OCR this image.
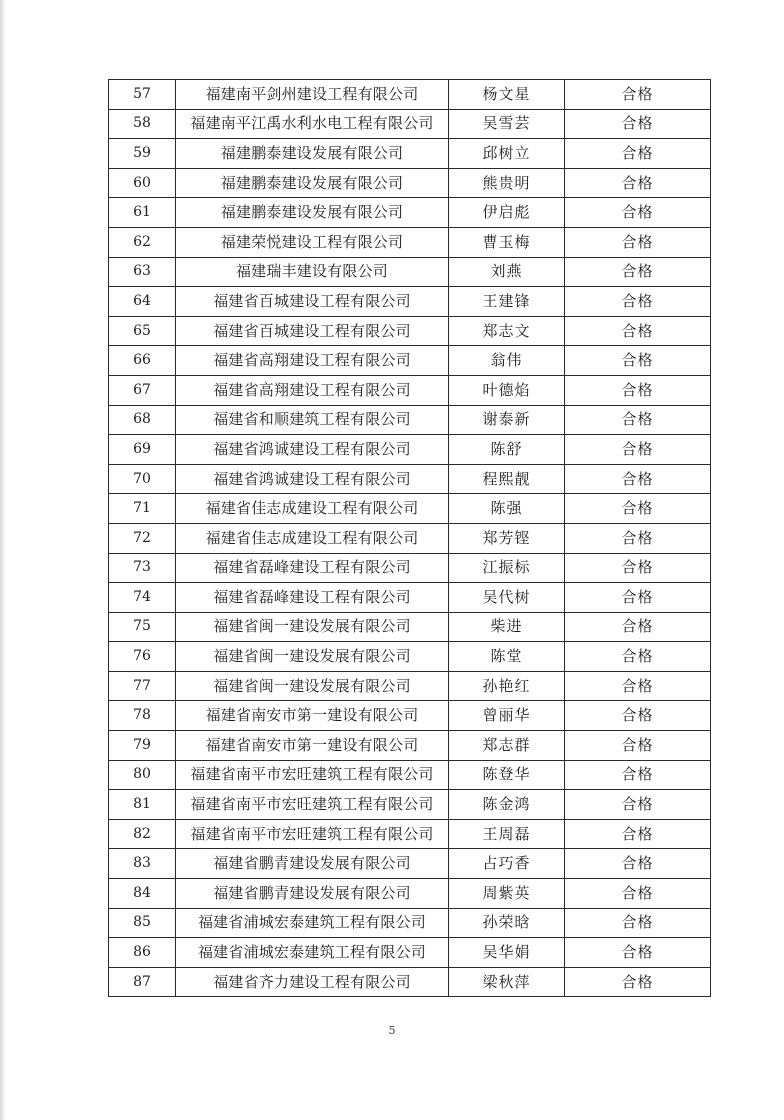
57	福建南平剑州建设工程有限公司	杨文星	合格
58	福建南平江禹水利水电工程有限公司	吴雪芸	合格
59	福建鹏泰建设发展有限公司	邱树立	合格
60	福建鹏泰建设发展有限公司	熊贵明	合格
61	福建鹏泰建设发展有限公司	伊启彪	合格
62	福建荣悦建设工程有限公司	曹玉梅	合格
63	福建瑞丰建设有限公司	刘燕	合格
64	福建省百城建设工程有限公司	王建锋	合格
65	福建省百城建设工程有限公司	郑志文	合格
66	福建省高翔建设工程有限公司	翁伟	合格
67	福建省高翔建设工程有限公司	叶德焰	合格
68	福建省和顺建筑工程有限公司	谢泰新	合格
69	福建省鸿诚建设工程有限公司	陈舒	合格
70	福建省鸿诚建设工程有限公司	程熙靓	合格
71	福建省佳志成建设工程有限公司	陈强	合格
72	福建省佳志成建设工程有限公司	郑芳铿	合格
73	福建省磊峰建设工程有限公司	江振标	合格
74	福建省磊峰建设工程有限公司	吴代树	合格
75	福建省闽一建设发展有限公司	柴进	合格
76	福建省闽一建设发展有限公司	陈堂	合格
77	福建省闽一建设发展有限公司	孙艳红	合格
78	福建省南安市第一建设有限公司	曾丽华	合格
79	福建省南安市第一建设有限公司	郑志群	合格
80	福建省南平市宏旺建筑工程有限公司	陈登华	合格
81	福建省南平市宏旺建筑工程有限公司	陈金鸿	合格
82	福建省南平市宏旺建筑工程有限公司	王周磊	合格
83	福建省鹏青建设发展有限公司	占巧香	合格
84	福建省鹏青建设发展有限公司	周紫英	合格
85	福建省浦城宏泰建筑工程有限公司	孙荣晗	合格
86	福建省浦城宏泰建筑工程有限公司	吴华娟	合格
87	福建省齐力建设工程有限公司	梁秋萍	合格
5
